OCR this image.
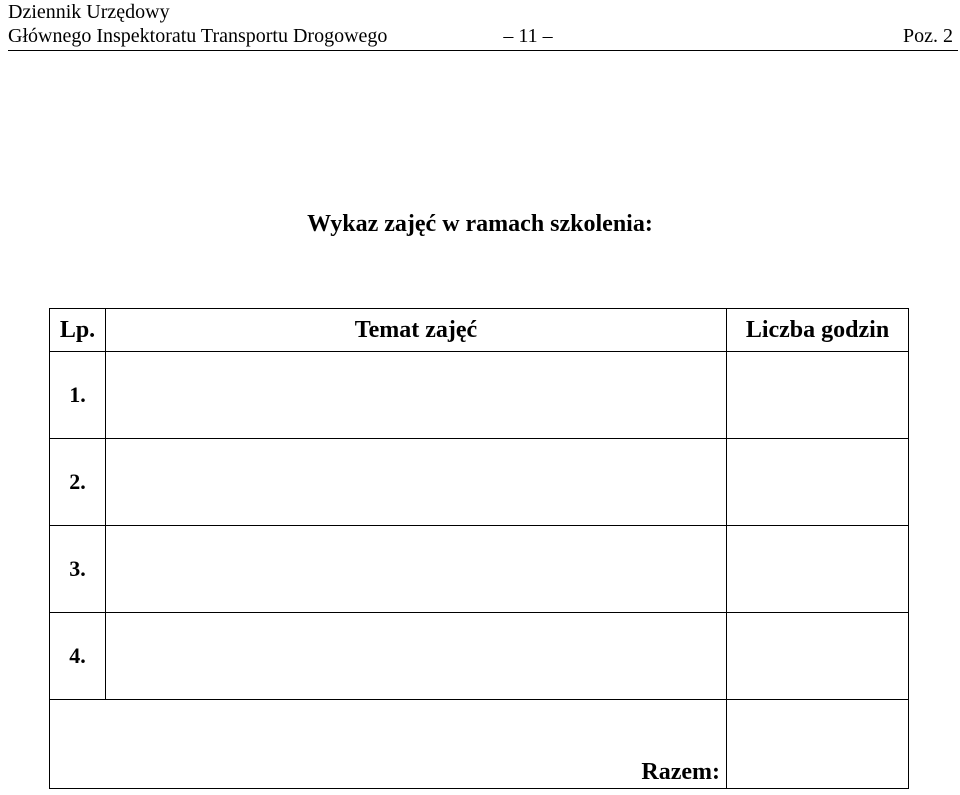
Dziennik Urzędowy
Głównego Inspektoratu Transportu Drogowego	– 11 –	Poz. 2
Wykaz zajęć w ramach szkolenia:
Lp.	Temat zajęć	Liczba godzin
1.		
2.		
3.		
4.		
Razem:		
